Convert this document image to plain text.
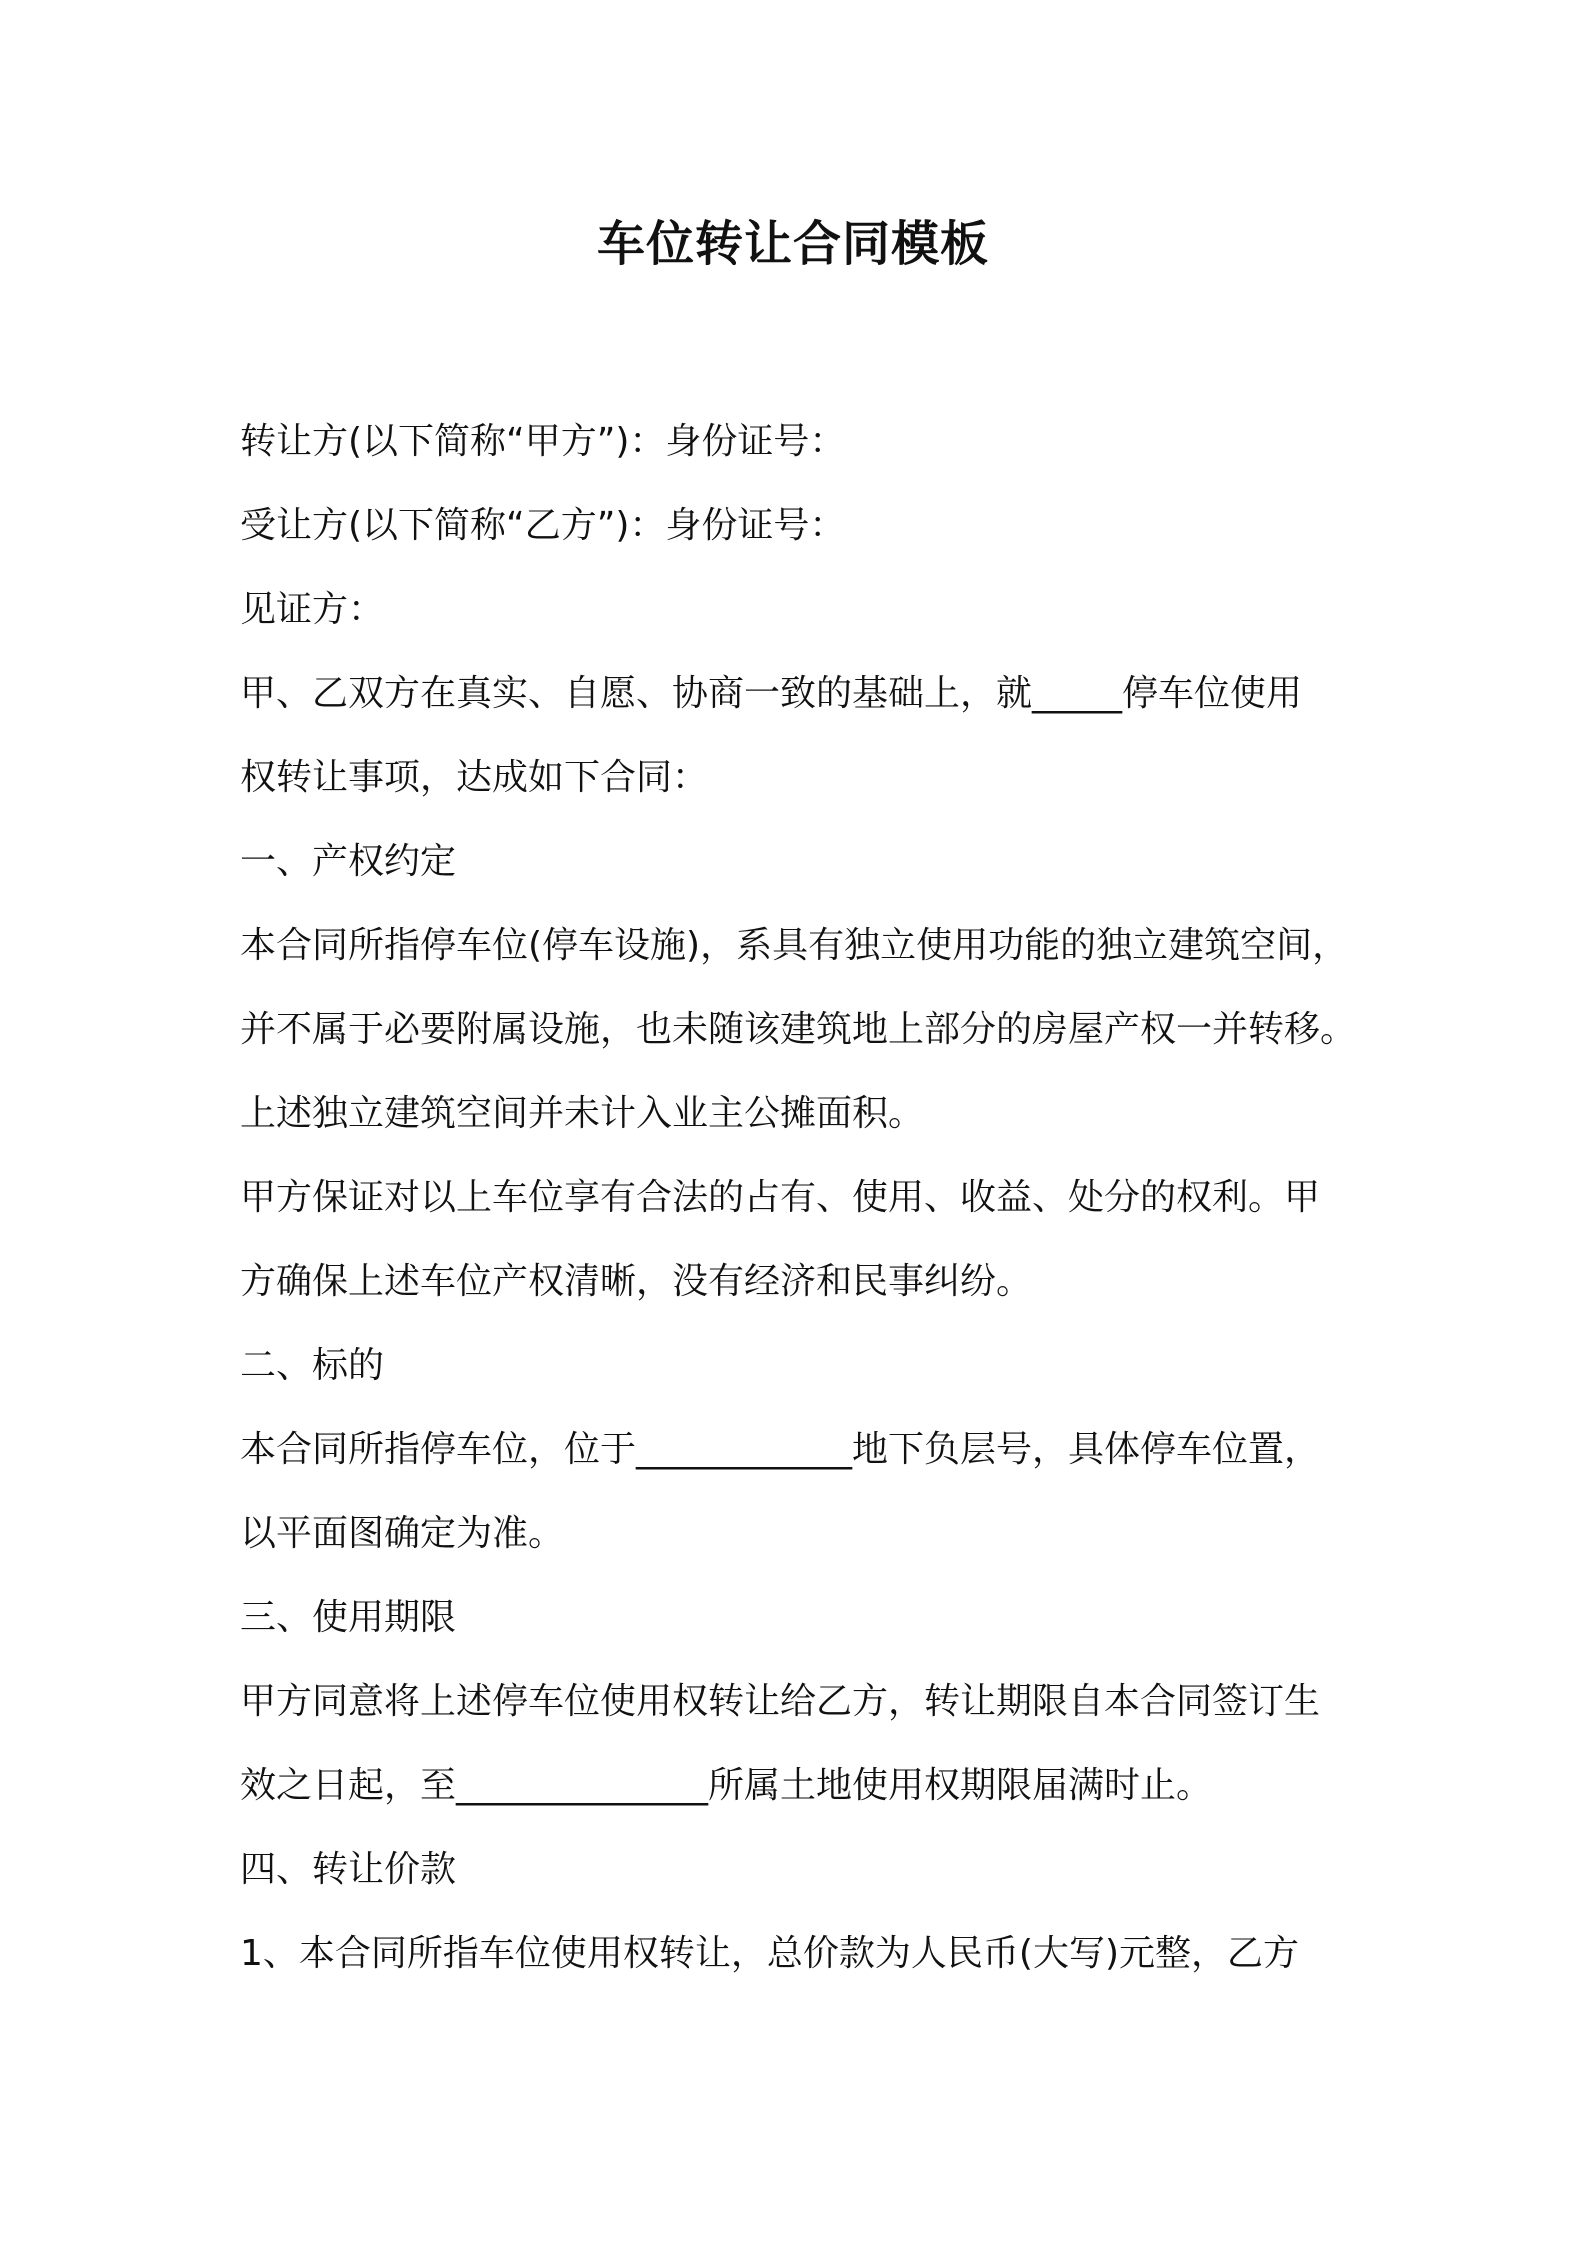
车位转让合同模板

转让方(以下简称“甲方”)：身份证号：

受让方(以下简称“乙方”)：身份证号：

见证方：

甲、乙双方在真实、自愿、协商一致的基础上，就_____停车位使用

权转让事项，达成如下合同：

一、产权约定

本合同所指停车位(停车设施)，系具有独立使用功能的独立建筑空间，

并不属于必要附属设施，也未随该建筑地上部分的房屋产权一并转移。

上述独立建筑空间并未计入业主公摊面积。

甲方保证对以上车位享有合法的占有、使用、收益、处分的权利。甲

方确保上述车位产权清晰，没有经济和民事纠纷。

二、标的

本合同所指停车位，位于____________地下负层号，具体停车位置，

以平面图确定为准。

三、使用期限

甲方同意将上述停车位使用权转让给乙方，转让期限自本合同签订生

效之日起，至______________所属土地使用权期限届满时止。

四、转让价款

1、本合同所指车位使用权转让，总价款为人民币(大写)元整，乙方
